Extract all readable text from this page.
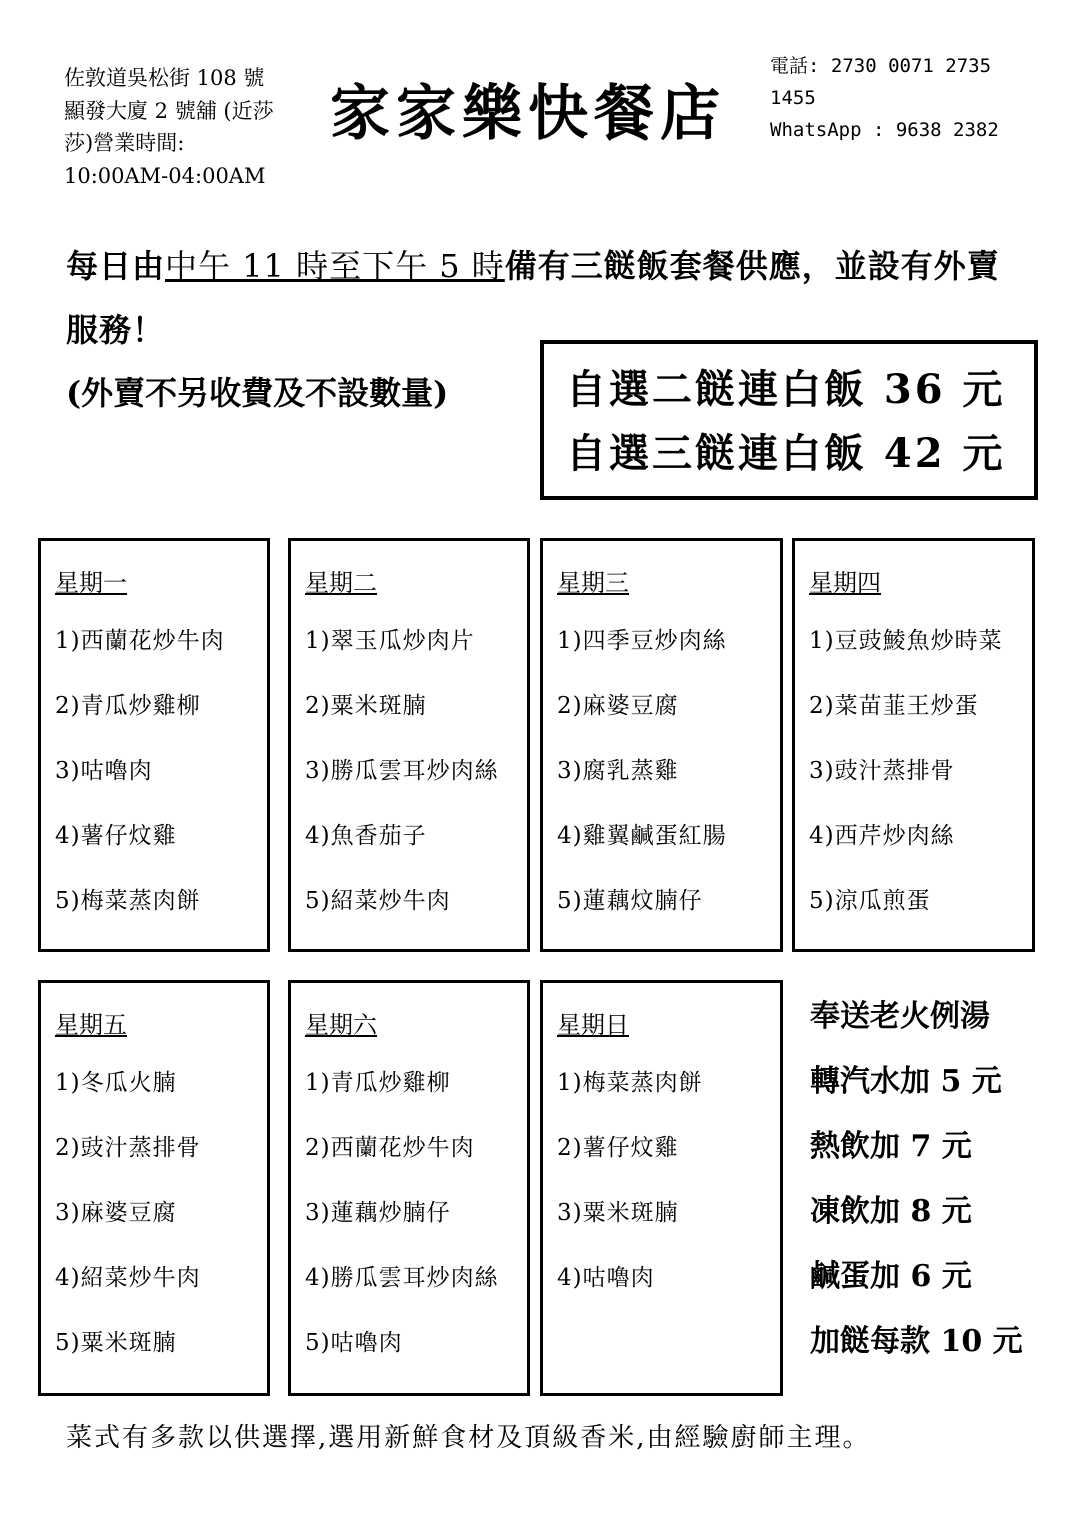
佐敦道吳松街 108 號
顯發大廈 2 號舖 (近莎
莎)營業時間:
10:00AM-04:00AM
家家樂快餐店
電話: 2730 0071 2735
1455
WhatsApp : 9638 2382
每日由中午 11 時至下午 5 時備有三餸飯套餐供應，並設有外賣服務！
(外賣不另收費及不設數量)	自選二餸連白飯 36 元
自選三餸連白飯 42 元
星期一
1)西蘭花炒牛肉
2)青瓜炒雞柳
3)咕嚕肉
4)薯仔炆雞
5)梅菜蒸肉餅
星期二
1)翠玉瓜炒肉片
2)粟米斑腩
3)勝瓜雲耳炒肉絲
4)魚香茄子
5)紹菜炒牛肉
星期三
1)四季豆炒肉絲
2)麻婆豆腐
3)腐乳蒸雞
4)雞翼鹹蛋紅腸
5)蓮藕炆腩仔
星期四
1)豆豉鯪魚炒時菜
2)菜苗韮王炒蛋
3)豉汁蒸排骨
4)西芹炒肉絲
5)涼瓜煎蛋
星期五
1)冬瓜火腩
2)豉汁蒸排骨
3)麻婆豆腐
4)紹菜炒牛肉
5)粟米斑腩
星期六
1)青瓜炒雞柳
2)西蘭花炒牛肉
3)蓮藕炒腩仔
4)勝瓜雲耳炒肉絲
5)咕嚕肉
星期日
1)梅菜蒸肉餅
2)薯仔炆雞
3)粟米斑腩
4)咕嚕肉
奉送老火例湯
轉汽水加 5 元
熱飲加 7 元
凍飲加 8 元
鹹蛋加 6 元
加餸每款 10 元
菜式有多款以供選擇,選用新鮮食材及頂級香米,由經驗廚師主理。
